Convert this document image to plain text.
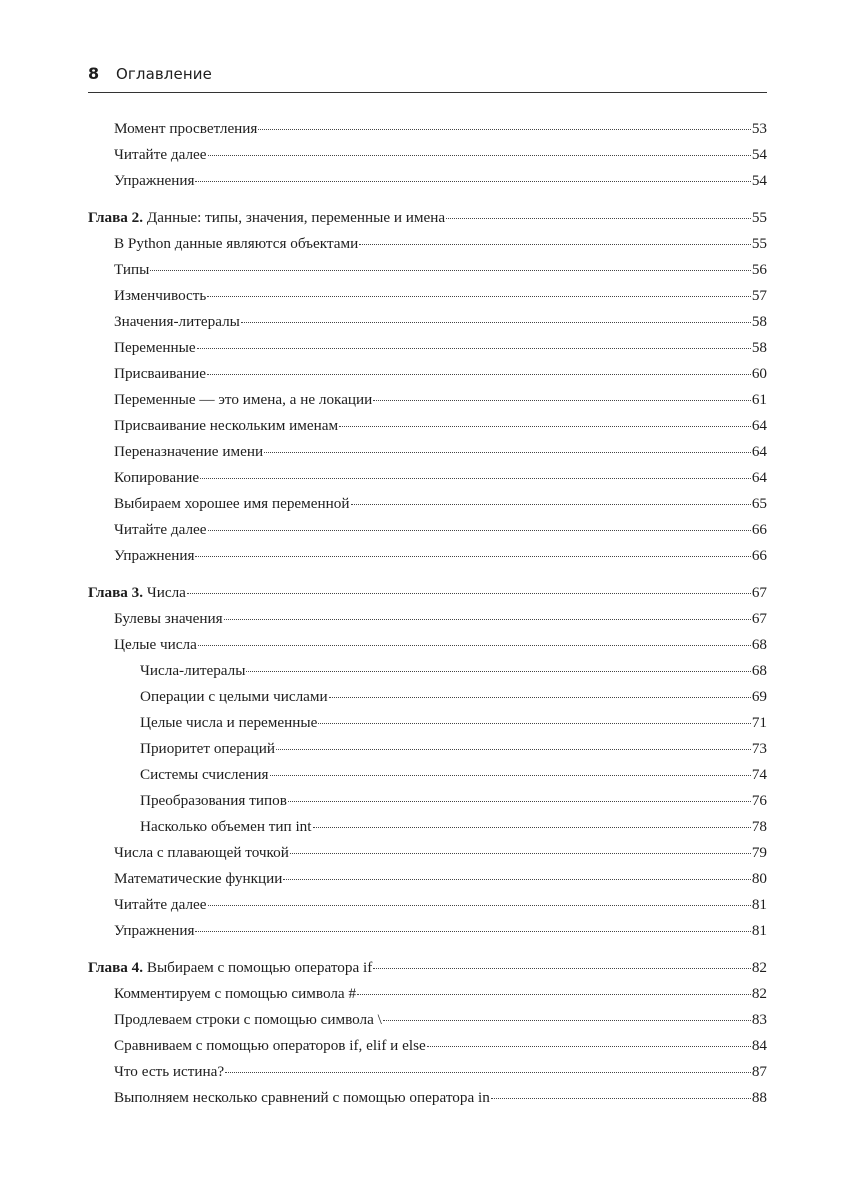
8	Оглавление
Момент просветления	53
Читайте далее	54
Упражнения	54
Глава 2. Данные: типы, значения, переменные и имена	55
В Python данные являются объектами	55
Типы	56
Изменчивость	57
Значения-литералы	58
Переменные	58
Присваивание	60
Переменные — это имена, а не локации	61
Присваивание нескольким именам	64
Переназначение имени	64
Копирование	64
Выбираем хорошее имя переменной	65
Читайте далее	66
Упражнения	66
Глава 3. Числа	67
Булевы значения	67
Целые числа	68
Числа-литералы	68
Операции с целыми числами	69
Целые числа и переменные	71
Приоритет операций	73
Системы счисления	74
Преобразования типов	76
Насколько объемен тип int	78
Числа с плавающей точкой	79
Математические функции	80
Читайте далее	81
Упражнения	81
Глава 4. Выбираем с помощью оператора if	82
Комментируем с помощью символа #	82
Продлеваем строки с помощью символа \	83
Сравниваем с помощью операторов if, elif и else	84
Что есть истина?	87
Выполняем несколько сравнений с помощью оператора in	88
